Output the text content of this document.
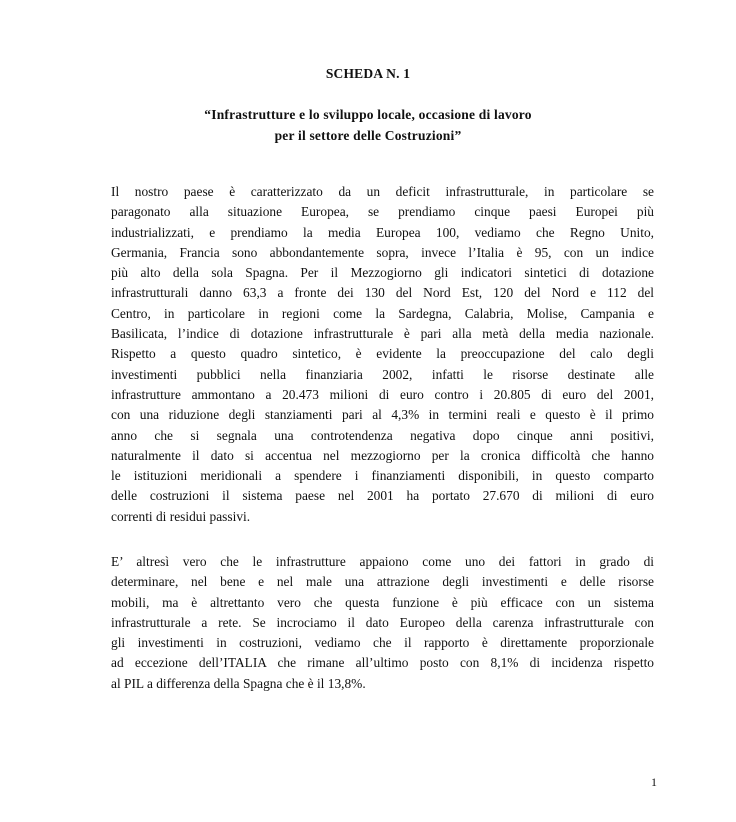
SCHEDA N. 1
“Infrastrutture e lo sviluppo locale, occasione di lavoro
per il settore delle Costruzioni”

Il nostro paese è caratterizzato da un deficit infrastrutturale, in particolare se
paragonato alla situazione Europea, se prendiamo cinque paesi Europei più
industrializzati, e prendiamo la media Europea 100, vediamo che Regno Unito,
Germania, Francia sono abbondantemente sopra, invece l’Italia è 95, con un indice
più alto della sola Spagna. Per il Mezzogiorno gli indicatori sintetici di dotazione
infrastrutturali danno 63,3 a fronte dei 130 del Nord Est, 120 del Nord e 112 del
Centro, in particolare in regioni come la Sardegna, Calabria, Molise, Campania e
Basilicata, l’indice di dotazione infrastrutturale è pari alla metà della media nazionale.
Rispetto a questo quadro sintetico, è evidente la preoccupazione del calo degli
investimenti pubblici nella finanziaria 2002, infatti le risorse destinate alle
infrastrutture ammontano a 20.473 milioni di euro contro i 20.805 di euro del 2001,
con una riduzione degli stanziamenti pari al 4,3% in termini reali e questo è il primo
anno che si segnala una controtendenza negativa dopo cinque anni positivi,
naturalmente il dato si accentua nel mezzogiorno per la cronica difficoltà che hanno
le istituzioni meridionali a spendere i finanziamenti disponibili, in questo comparto
delle costruzioni il sistema paese nel 2001 ha portato 27.670 di milioni di euro
correnti di residui passivi.

E’ altresì vero che le infrastrutture appaiono come uno dei fattori in grado di
determinare, nel bene e nel male una attrazione degli investimenti e delle risorse
mobili, ma è altrettanto vero che questa funzione è più efficace con un sistema
infrastrutturale a rete. Se incrociamo il dato Europeo della carenza infrastrutturale con
gli investimenti in costruzioni, vediamo che il rapporto è direttamente proporzionale
ad eccezione dell’ITALIA che rimane all’ultimo posto con 8,1% di incidenza rispetto
al PIL a differenza della Spagna che è il 13,8%.

1
